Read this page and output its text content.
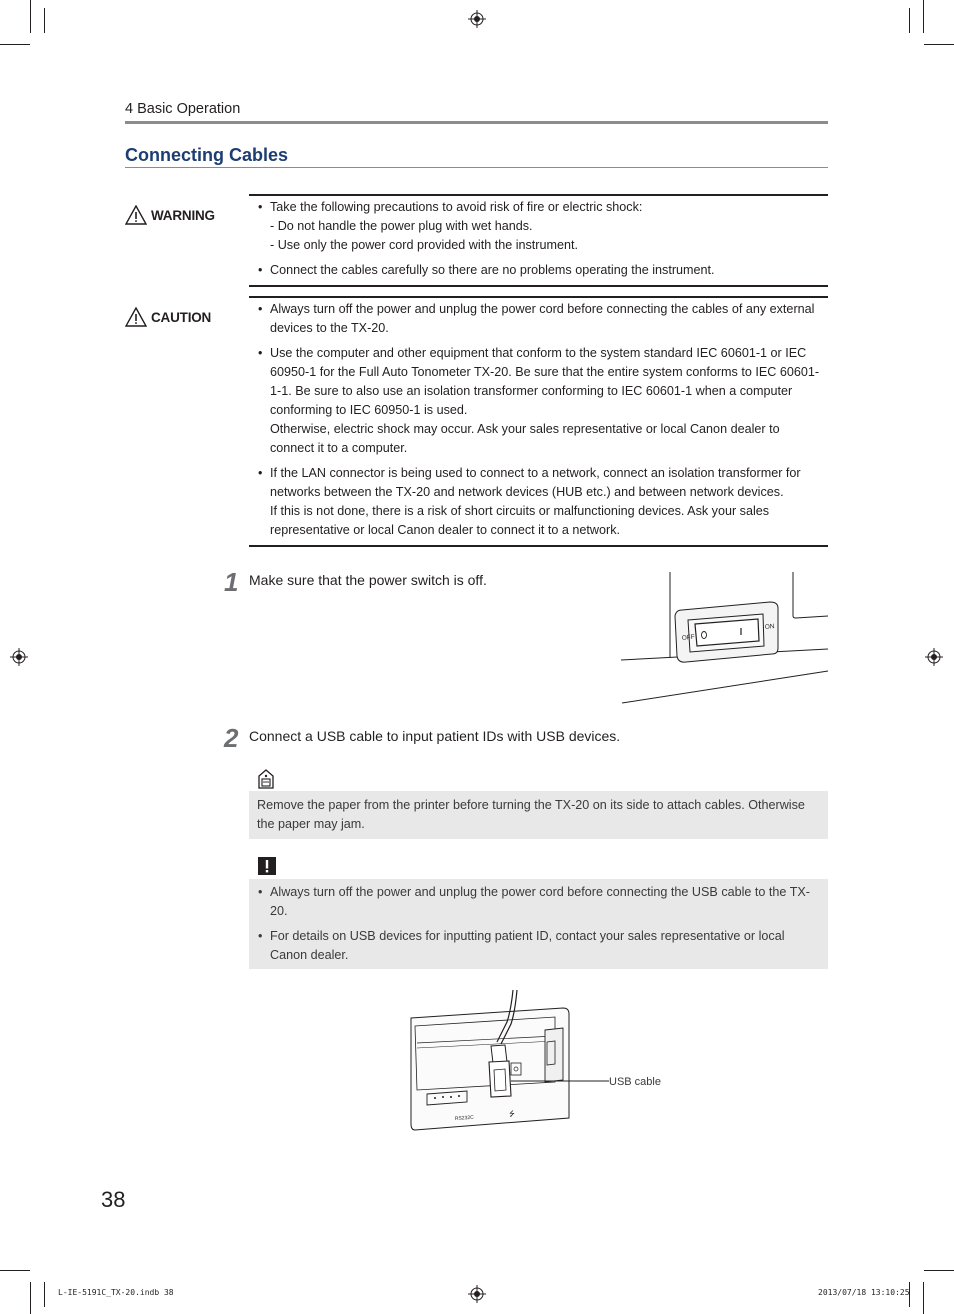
4 Basic Operation
Connecting Cables
WARNING
• Take the following precautions to avoid risk of fire or electric shock:
- Do not handle the power plug with wet hands.
- Use only the power cord provided with the instrument.
• Connect the cables carefully so there are no problems operating the instrument.
CAUTION
• Always turn off the power and unplug the power cord before connecting the cables of any external devices to the TX-20.
• Use the computer and other equipment that conform to the system standard IEC 60601-1 or IEC 60950-1 for the Full Auto Tonometer TX-20. Be sure that the entire system conforms to IEC 60601-1-1. Be sure to also use an isolation transformer conforming to IEC 60601-1 when a computer conforming to IEC 60950-1 is used.
Otherwise, electric shock may occur. Ask your sales representative or local Canon dealer to connect it to a computer.
• If the LAN connector is being used to connect to a network, connect an isolation transformer for networks between the TX-20 and network devices (HUB etc.) and between network devices.
If this is not done, there is a risk of short circuits or malfunctioning devices. Ask your sales representative or local Canon dealer to connect it to a network.
1 Make sure that the power switch is off.
OFF
ON
2 Connect a USB cable to input patient IDs with USB devices.
Remove the paper from the printer before turning the TX-20 on its side to attach cables. Otherwise the paper may jam.
• Always turn off the power and unplug the power cord before connecting the USB cable to the TX-20.
• For details on USB devices for inputting patient ID, contact your sales representative or local Canon dealer.
RS232C
⭍
USB cable
38
L-IE-5191C_TX-20.indb 38	2013/07/18 13:10:25
